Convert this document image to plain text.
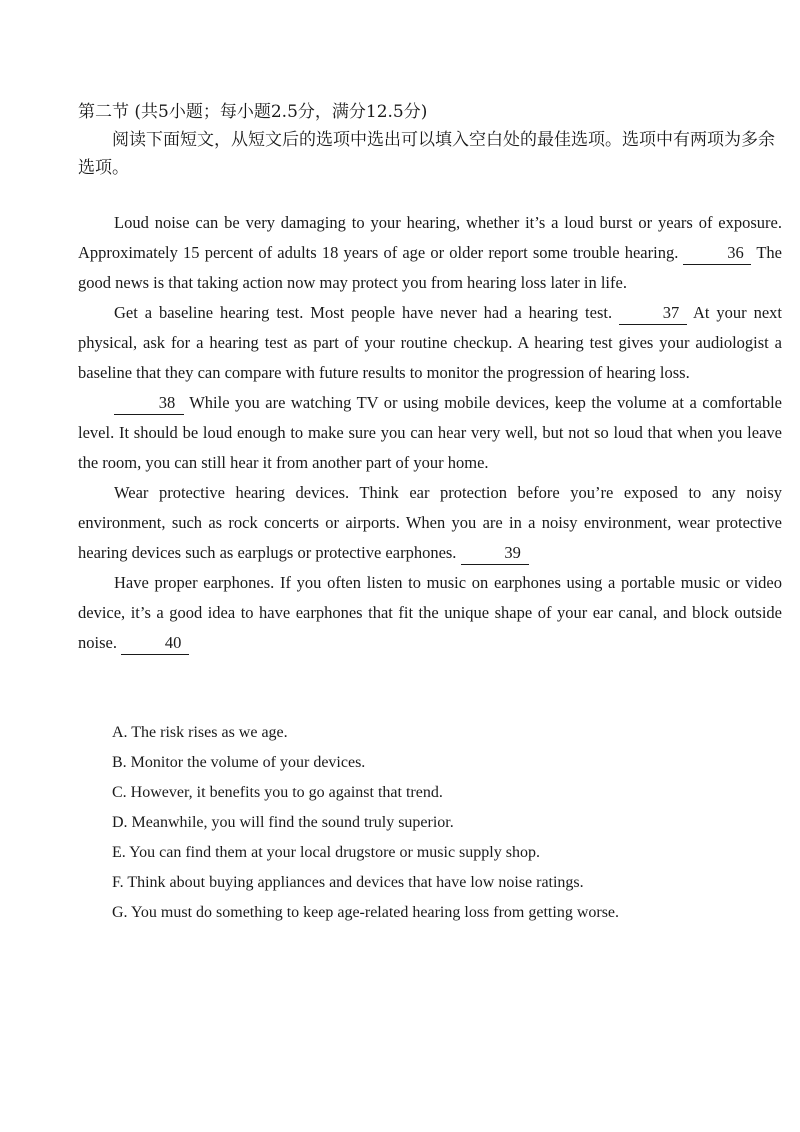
第二节 (共5小题；每小题2.5分，满分12.5分)
阅读下面短文，从短文后的选项中选出可以填入空白处的最佳选项。选项中有两项为多余选项。

Loud noise can be very damaging to your hearing, whether it’s a loud burst or years of exposure. Approximately 15 percent of adults 18 years of age or older report some trouble hearing.	36 The good news is that taking action now may protect you from hearing loss later in life.

Get a baseline hearing test. Most people have never had a hearing test.	37 At your next physical, ask for a hearing test as part of your routine checkup. A hearing test gives your audiologist a baseline that they can compare with future results to monitor the progression of hearing loss.

38 While you are watching TV or using mobile devices, keep the volume at a comfortable level. It should be loud enough to make sure you can hear very well, but not so loud that when you leave the room, you can still hear it from another part of your home.

Wear protective hearing devices. Think ear protection before you’re exposed to any noisy environment, such as rock concerts or airports. When you are in a noisy environment, wear protective hearing devices such as earplugs or protective earphones.	39

Have proper earphones. If you often listen to music on earphones using a portable music or video device, it’s a good idea to have earphones that fit the unique shape of your ear canal, and block outside noise.	40

A. The risk rises as we age.

B. Monitor the volume of your devices.

C. However, it benefits you to go against that trend.

D. Meanwhile, you will find the sound truly superior.

E. You can find them at your local drugstore or music supply shop.

F. Think about buying appliances and devices that have low noise ratings.

G. You must do something to keep age-related hearing loss from getting worse.
